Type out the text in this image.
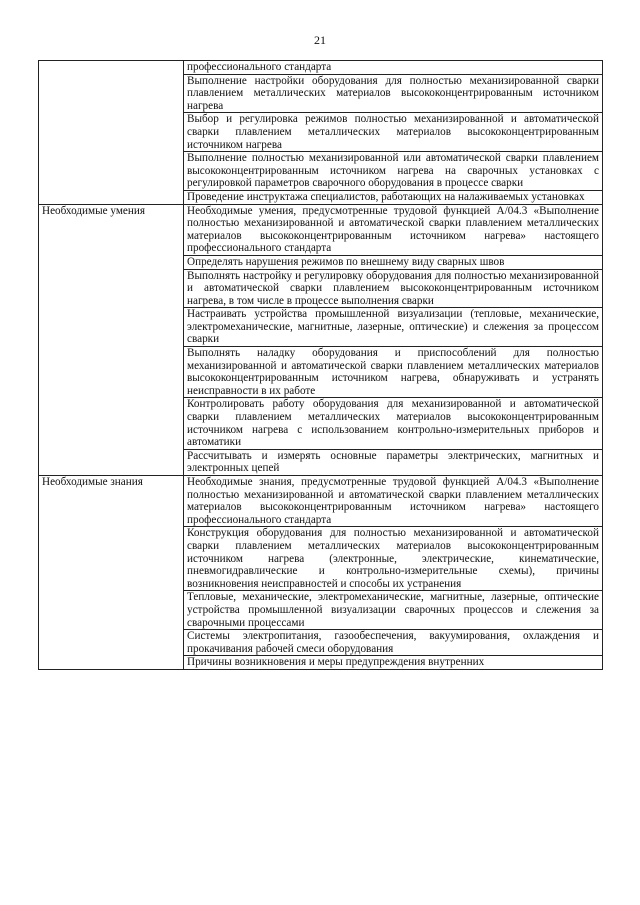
21
	профессионального стандарта
	Выполнение настройки оборудования для полностью механизированной сварки плавлением металлических материалов высококонцентрированным источником нагрева
	Выбор и регулировка режимов полностью механизированной и автоматической сварки плавлением металлических материалов высококонцентрированным источником нагрева
	Выполнение полностью механизированной или автоматической сварки плавлением высококонцентрированным источником нагрева на сварочных установках с регулировкой параметров сварочного оборудования в процессе сварки
	Проведение инструктажа специалистов, работающих на налаживаемых установках
Необходимые умения	Необходимые умения, предусмотренные трудовой функцией А/04.3 «Выполнение полностью механизированной и автоматической сварки плавлением металлических материалов высококонцентрированным источником нагрева» настоящего профессионального стандарта
	Определять нарушения режимов по внешнему виду сварных швов
	Выполнять настройку и регулировку оборудования для полностью механизированной и автоматической сварки плавлением высококонцентрированным источником нагрева, в том числе в процессе выполнения сварки
	Настраивать устройства промышленной визуализации (тепловые, механические, электромеханические, магнитные, лазерные, оптические) и слежения за процессом сварки
	Выполнять наладку оборудования и приспособлений для полностью механизированной и автоматической сварки плавлением металлических материалов высококонцентрированным источником нагрева, обнаруживать и устранять неисправности в их работе
	Контролировать работу оборудования для механизированной и автоматической сварки плавлением металлических материалов высококонцентрированным источником нагрева с использованием контрольно-измерительных приборов и автоматики
	Рассчитывать и измерять основные параметры электрических, магнитных и электронных цепей
Необходимые знания	Необходимые знания, предусмотренные трудовой функцией А/04.3 «Выполнение полностью механизированной и автоматической сварки плавлением металлических материалов высококонцентрированным источником нагрева» настоящего профессионального стандарта
	Конструкция оборудования для полностью механизированной и автоматической сварки плавлением металлических материалов высококонцентрированным источником нагрева (электронные, электрические, кинематические, пневмогидравлические и контрольно-измерительные схемы), причины возникновения неисправностей и способы их устранения
	Тепловые, механические, электромеханические, магнитные, лазерные, оптические устройства промышленной визуализации сварочных процессов и слежения за сварочными процессами
	Системы электропитания, газообеспечения, вакуумирования, охлаждения и прокачивания рабочей смеси оборудования
	Причины возникновения и меры предупреждения внутренних
